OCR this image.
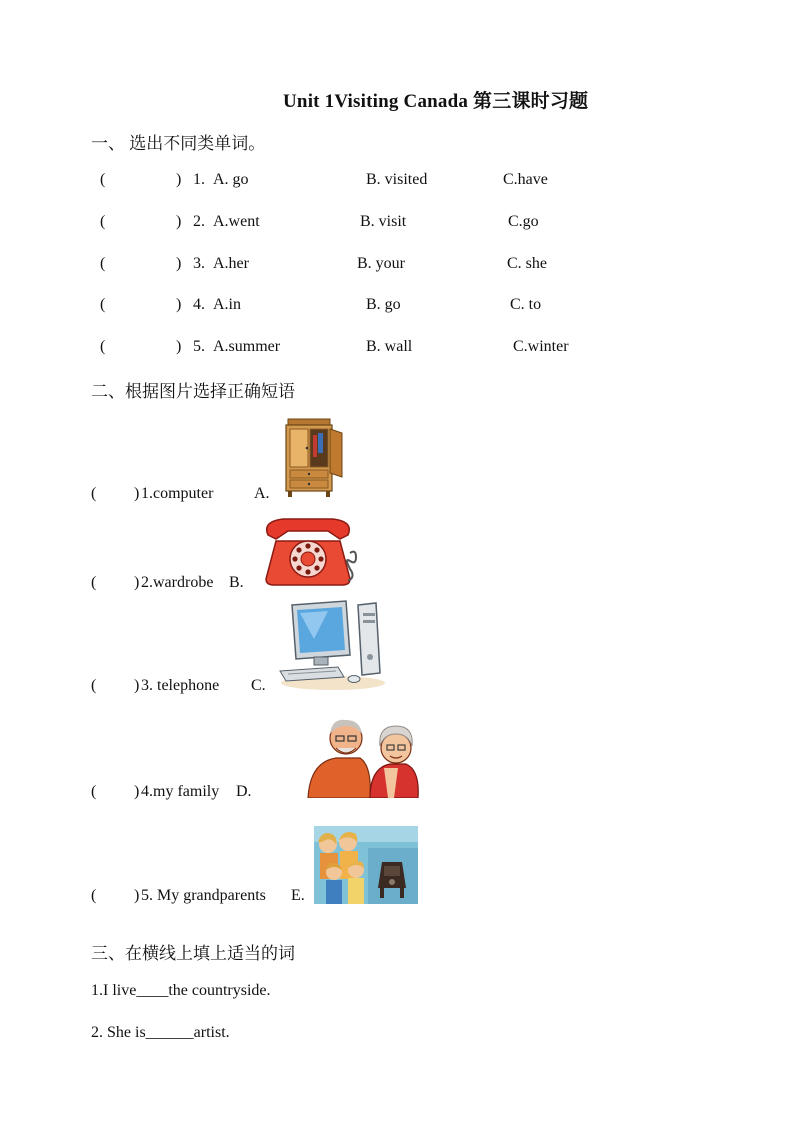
Unit 1Visiting Canada 第三课时习题
一、 选出不同类单词。
(	) 1. A. go	B. visited	C.have
(	) 2. A.went	B. visit	C.go
(	) 3. A.her	B. your	C. she
(	) 4. A.in	B. go	C. to
(	) 5. A.summer	B. wall	C.winter
二、根据图片选择正确短语
( ) 1.computer	A.
( ) 2.wardrobe B.
( ) 3. telephone C.
( ) 4.my family D.
( ) 5. My grandparents E.
三、在横线上填上适当的词
1.I live____the countryside.
2. She is______artist.
